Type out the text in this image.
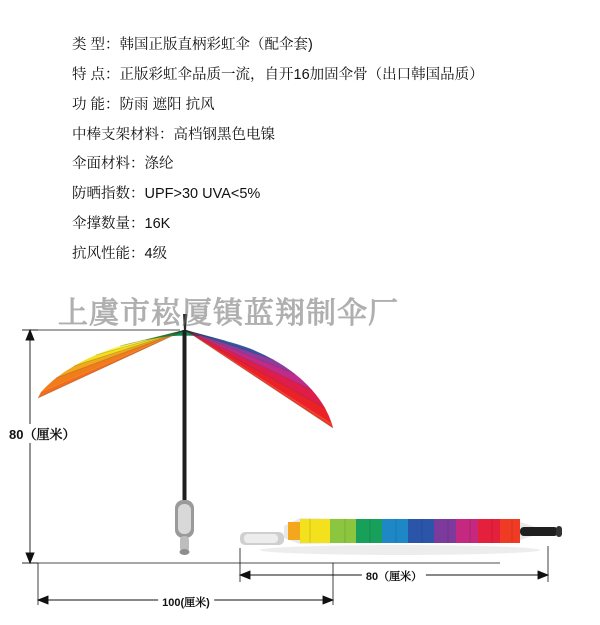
类 型： 韩国正版直柄彩虹伞（配伞套)
特 点： 正版彩虹伞品质一流，自开16加固伞骨（出口韩国品质）
功 能： 防雨 遮阳 抗风
中棒支架材料： 高档钢黑色电镍
伞面材料： 涤纶
防晒指数： UPF>30 UVA<5%
伞撑数量： 16K
抗风性能： 4级
80（厘米）
80（厘米）
100(厘米)
上虞市崧厦镇蓝翔制伞厂
